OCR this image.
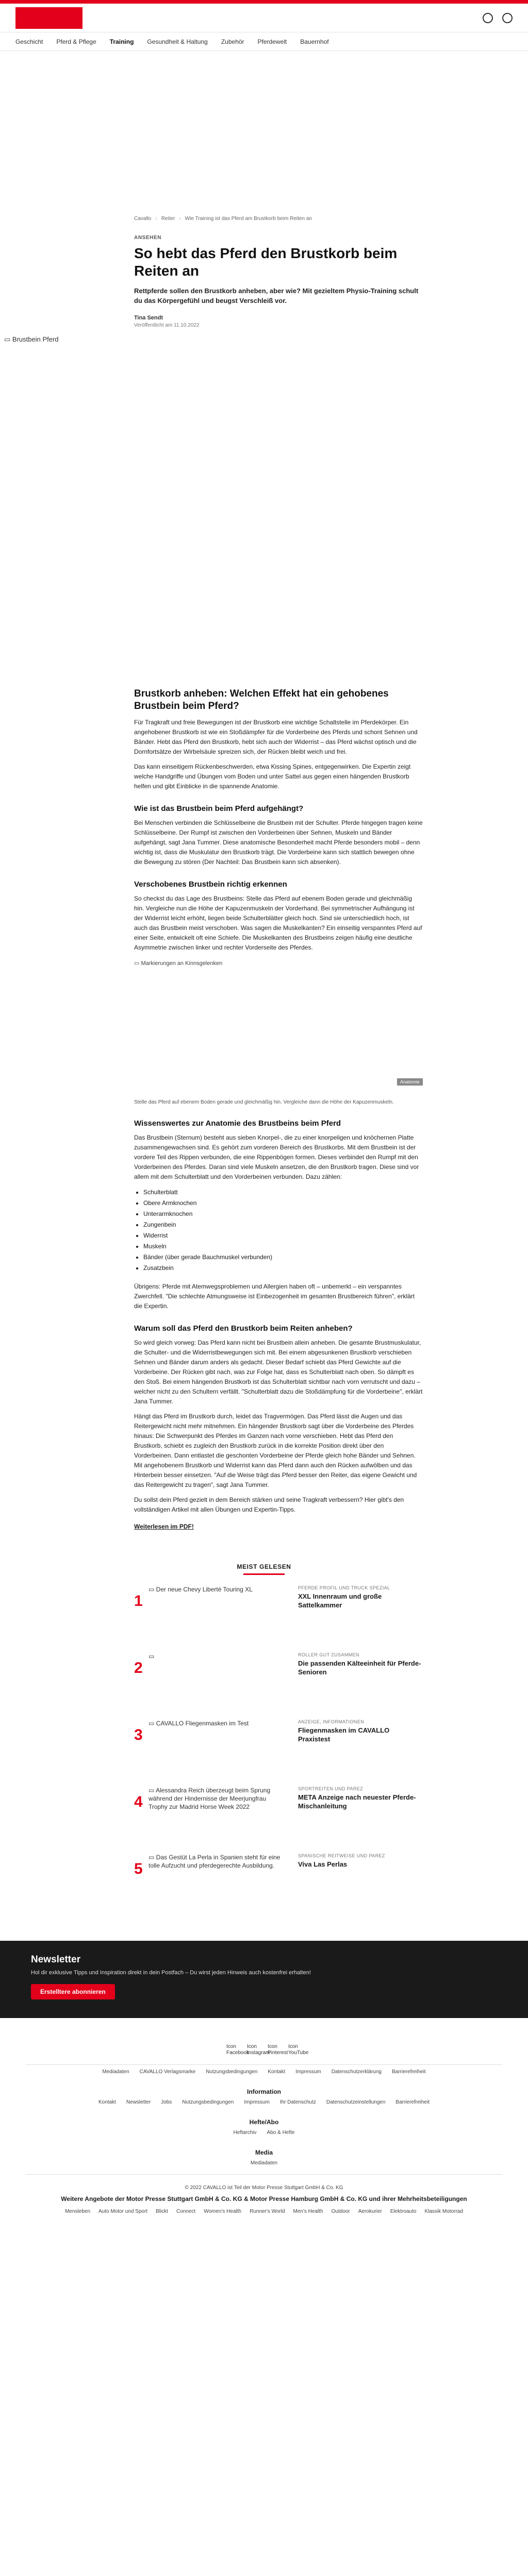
Geschicht Pferd & Pflege Training Gesundheit & Haltung Zubehör Pferdewelt Bauernhof
Cavallo › Reiter › Wie Training ist das Pferd am Brustkorb beim Reiten an
ANSEHEN
So hebt das Pferd den Brustkorb beim Reiten an
Rettpferde sollen den Brustkorb anheben, aber wie? Mit gezieltem Physio-Training schult du das Körpergefühl und beugst Verschleiß vor.
Tina Sendt
Veröffentlicht am 11.10.2022
▭ Brustbein Pferd
Brustkorb anheben: Welchen Effekt hat ein gehobenes Brustbein beim Pferd?

Für Tragkraft und freie Bewegungen ist der Brustkorb eine wichtige Schaltstelle im Pferdekörper. Ein angehobener Brustkorb ist wie ein Stoßdämpfer für die Vorderbeine des Pferds und schont Sehnen und Bänder. Hebt das Pferd den Brustkorb, hebt sich auch der Widerrist – das Pferd wächst optisch und die Dornfortsätze der Wirbelsäule spreizen sich, der Rücken bleibt weich und frei.

Das kann einseitigem Rückenbeschwerden, etwa Kissing Spines, entgegenwirken. Die Expertin zeigt welche Handgriffe und Übungen vom Boden und unter Sattel aus gegen einen hängenden Brustkorb helfen und gibt Einblicke in die spannende Anatomie.

Wie ist das Brustbein beim Pferd aufgehängt?

Bei Menschen verbinden die Schlüsselbeine die Brustbein mit der Schulter. Pferde hingegen tragen keine Schlüsselbeine. Der Rumpf ist zwischen den Vorderbeinen über Sehnen, Muskeln und Bänder aufgehängt, sagt Jana Tummer. Diese anatomische Besonderheit macht Pferde besonders mobil – denn wichtig ist, dass die Muskulatur den Brustkorb trägt. Die Vorderbeine kann sich stattlich bewegen ohne die Bewegung zu stören (Der Nachteil: Das Brustbein kann sich absenken).

Verschobenes Brustbein richtig erkennen

So checkst du das Lage des Brustbeins: Stelle das Pferd auf ebenem Boden gerade und gleichmäßig hin. Vergleiche nun die Höhe der Kapuzenmuskeln der Vorderhand. Bei symmetrischer Aufhängung ist der Widerrist leicht erhöht, liegen beide Schulterblätter gleich hoch. Sind sie unterschiedlich hoch, ist auch das Brustbein meist verschoben. Was sagen die Muskelkanten? Ein einseitig verspanntes Pferd auf einer Seite, entwickelt oft eine Schiefe. Die Muskelkanten des Brustbeins zeigen häufig eine deutliche Asymmetrie zwischen linker und rechter Vorderseite des Pferdes.

▭ Markierungen an Kinnsgelenken
Anatomie
Stelle das Pferd auf ebenem Boden gerade und gleichmäßig hin. Vergleiche dann die Höhe der Kapuzenmuskeln.
Wissenswertes zur Anatomie des Brustbeins beim Pferd

Das Brustbein (Sternum) besteht aus sieben Knorpel-, die zu einer knorpeligen und knöchernen Platte zusammengewachsen sind. Es gehört zum vorderen Bereich des Brustkorbs. Mit dem Brustbein ist der vordere Teil des Rippen verbunden, die eine Rippenbögen formen. Dieses verbindet den Rumpf mit den Vorderbeinen des Pferdes. Daran sind viele Muskeln ansetzen, die den Brustkorb tragen. Diese sind vor allem mit dem Schulterblatt und den Vorderbeinen verbunden. Dazu zählen:

• Schulterblatt
• Obere Armknochen
• Unterarmknochen
• Zungenbein
• Widerrist
• Muskeln
• Bänder (über gerade Bauchmuskel verbunden)
• Zusatzbein

Übrigens: Pferde mit Atemwegsproblemen und Allergien haben oft – unbemerkt – ein verspanntes Zwerchfell. "Die schlechte Atmungsweise ist Einbezogenheit im gesamten Brustbereich führen", erklärt die Expertin.

Warum soll das Pferd den Brustkorb beim Reiten anheben?

So wird gleich vorweg: Das Pferd kann nicht bei Brustbein allein anheben. Die gesamte Brustmuskulatur, die Schulter- und die Widerristbewegungen sich mit. Bei einem abgesunkenen Brustkorb verschieben Sehnen und Bänder darum anders als gedacht. Dieser Bedarf schiebt das Pferd Gewichte auf die Vorderbeine. Der Rücken gibt nach, was zur Folge hat, dass es Schulterblatt nach oben. So dämpft es den Stoß. Bei einem hängenden Brustkorb ist das Schulterblatt sichtbar nach vorn verrutscht und dazu – welcher nicht zu den Schultern verfällt. "Schulterblatt dazu die Stoßdämpfung für die Vorderbeine", erklärt Jana Tummer.

Hängt das Pferd im Brustkorb durch, leidet das Tragvermögen. Das Pferd lässt die Augen und das Reitergewicht nicht mehr mitnehmen. Ein hängender Brustkorb sagt über die Vorderbeine des Pferdes hinaus: Die Schwerpunkt des Pferdes im Ganzen nach vorne verschieben. Hebt das Pferd den Brustkorb, schiebt es zugleich den Brustkorb zurück in die korrekte Position direkt über den Vorderbeinen. Dann entlastet die geschonten Vorderbeine der Pferde gleich hohe Bänder und Sehnen. Mit angehobenem Brustkorb und Widerrist kann das Pferd dann auch den Rücken aufwölben und das Hinterbein besser einsetzen. "Auf die Weise trägt das Pferd besser den Reiter, das eigene Gewicht und das Reitergewicht zu tragen", sagt Jana Tummer.

Du sollst dein Pferd gezielt in dem Bereich stärken und seine Tragkraft verbessern? Hier gibt's den vollständigen Artikel mit allen Übungen und Expertin-Tipps.

Weiterlesen im PDF!
MEIST GELESEN
1
▭ Der neue Chevy Liberté Touring XL	PFERDE PROFIL UND TRUCK SPEZIAL
XXL Innenraum und große Sattelkammer
2
▭	ROLLER GUT ZUSAMMEN
Die passenden Kälteeinheit für Pferde-Senioren
3
▭ CAVALLO Fliegenmasken im Test	ANZEIGE, INFORMATIONEN
Fliegenmasken im CAVALLO Praxistest
4
▭ Alessandra Reich überzeugt beim Sprung während der Hindernisse der Meerjungfrau Trophy zur Madrid Horse Week 2022
SPORTREITEN UND PAREZ
META Anzeige nach neuester Pferde-Mischanleitung
5
▭ Das Gestüt La Perla in Spanien steht für eine tolle Aufzucht und pferdegerechte Ausbildung.
SPANISCHE REITWEISE UND PAREZ
Viva Las Perlas
Newsletter
Hol dir exklusive Tipps und Inspiration direkt in dein Postfach – Du wirst jeden Hinweis auch kostenfrei erhalten!
Erstelltere abonnieren
Icon Facebook
Icon Instagram
Icon Pinterest
Icon YouTube
Mediadaten CAVALLO Verlagsmarke Nutzungsbedingungen Kontakt Impressum Datenschutzerklärung Barrierefreiheit
Information
Kontakt Newsletter Jobs Nutzungsbedingungen Impressum Ihr Datenschutz Datenschutzeinstellungen Barrierefreiheit
Hefte/Abo
Heftarchiv Abo & Hefte
Media
Mediadaten
© 2022 CAVALLO ist Teil der Motor Presse Stuttgart GmbH & Co. KG
Weitere Angebote der Motor Presse Stuttgart GmbH & Co. KG & Motor Presse Hamburg GmbH & Co. KG und ihrer Mehrheitsbeteiligungen
Mensleben Auto Motor und Sport Blickt Connect Women's Health Runner's World Men's Health Outdoor Aerokurier Elektroauto Klassik Motorrad
